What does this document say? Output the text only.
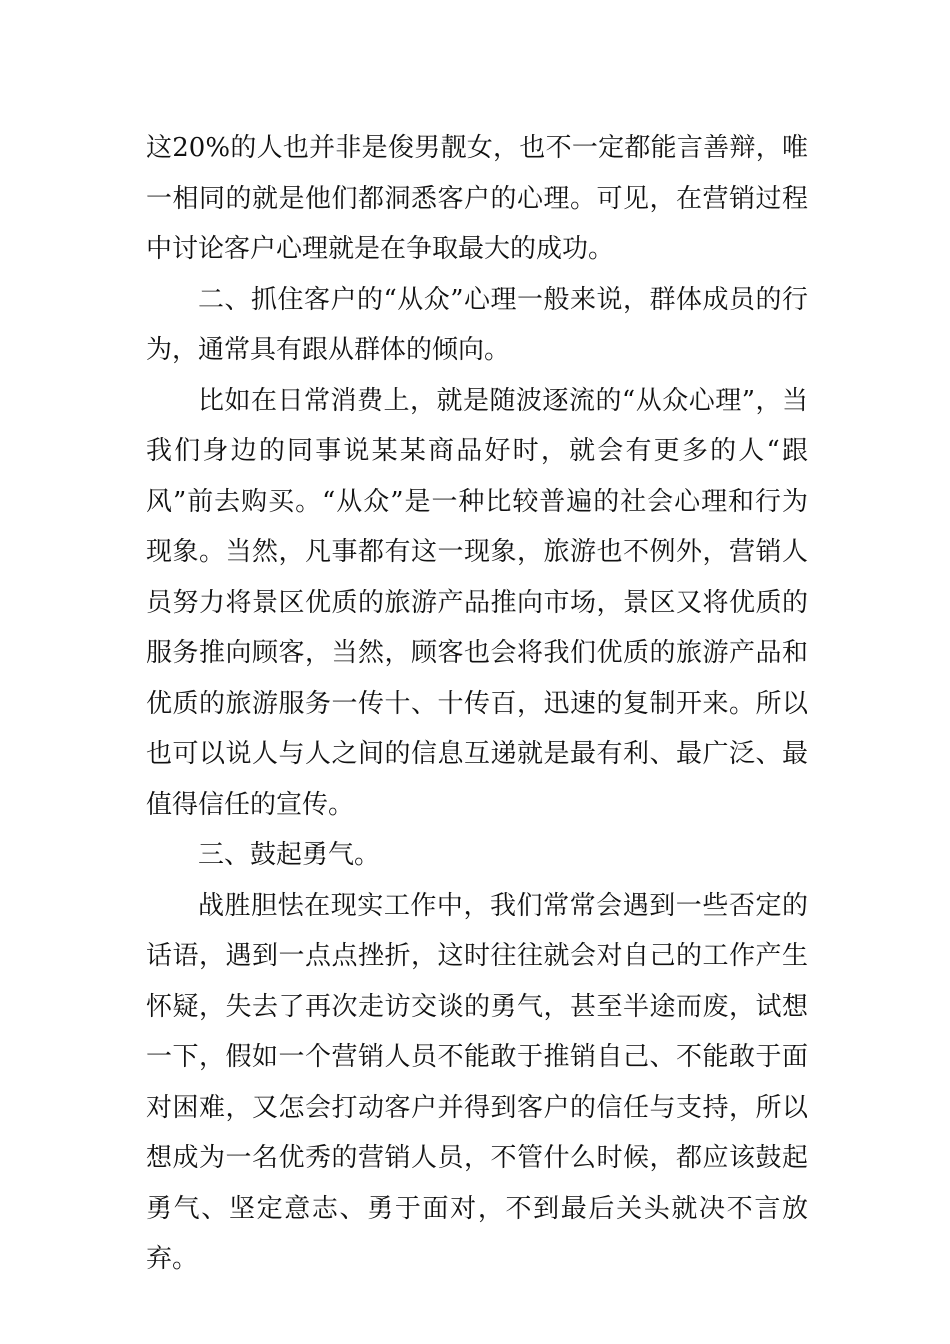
这20%的人也并非是俊男靓女，也不一定都能言善辩，唯一相同的就是他们都洞悉客户的心理。可见，在营销过程中讨论客户心理就是在争取最大的成功。

二、抓住客户的“从众”心理一般来说，群体成员的行为，通常具有跟从群体的倾向。

比如在日常消费上，就是随波逐流的“从众心理”，当我们身边的同事说某某商品好时，就会有更多的人“跟风”前去购买。“从众”是一种比较普遍的社会心理和行为现象。当然，凡事都有这一现象，旅游也不例外，营销人员努力将景区优质的旅游产品推向市场，景区又将优质的服务推向顾客，当然，顾客也会将我们优质的旅游产品和优质的旅游服务一传十、十传百，迅速的复制开来。所以也可以说人与人之间的信息互递就是最有利、最广泛、最值得信任的宣传。

三、鼓起勇气。

战胜胆怯在现实工作中，我们常常会遇到一些否定的话语，遇到一点点挫折，这时往往就会对自己的工作产生怀疑，失去了再次走访交谈的勇气，甚至半途而废，试想一下，假如一个营销人员不能敢于推销自己、不能敢于面对困难，又怎会打动客户并得到客户的信任与支持，所以想成为一名优秀的营销人员，不管什么时候，都应该鼓起勇气、坚定意志、勇于面对，不到最后关头就决不言放弃。
